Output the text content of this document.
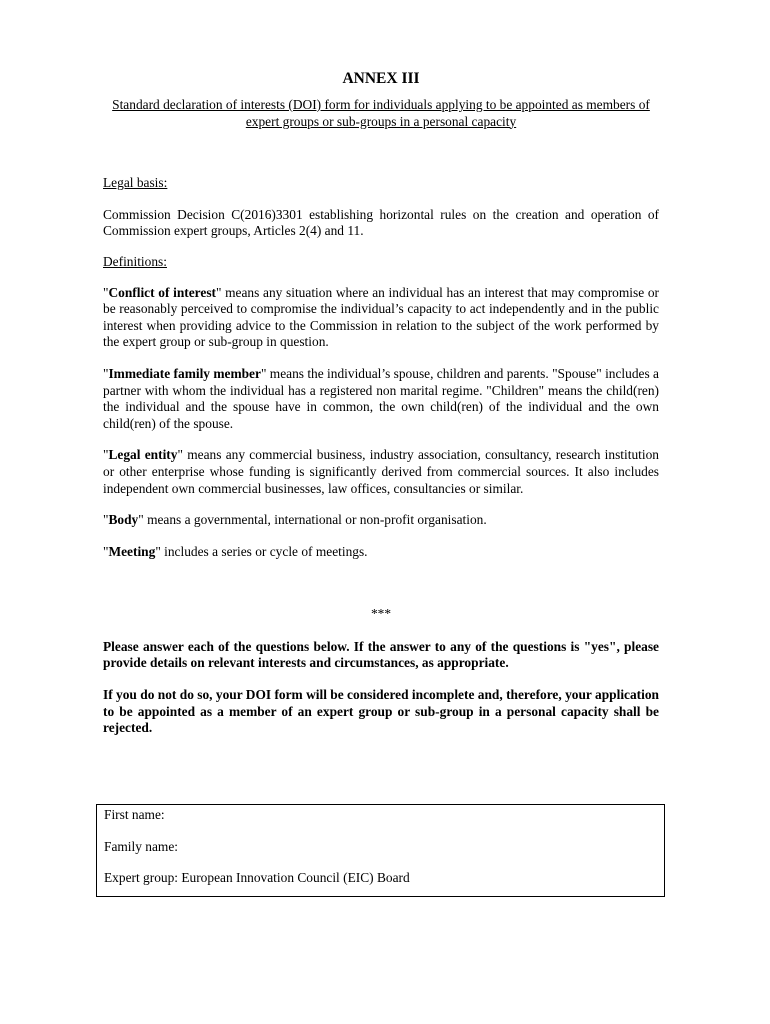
ANNEX III

Standard declaration of interests (DOI) form for individuals applying to be appointed as members of expert groups or sub-groups in a personal capacity

Legal basis:

Commission Decision C(2016)3301 establishing horizontal rules on the creation and operation of Commission expert groups, Articles 2(4) and 11.

Definitions:

"Conflict of interest" means any situation where an individual has an interest that may compromise or be reasonably perceived to compromise the individual’s capacity to act independently and in the public interest when providing advice to the Commission in relation to the subject of the work performed by the expert group or sub-group in question.

"Immediate family member" means the individual’s spouse, children and parents. "Spouse" includes a partner with whom the individual has a registered non marital regime. "Children" means the child(ren) the individual and the spouse have in common, the own child(ren) of the individual and the own child(ren) of the spouse.

"Legal entity" means any commercial business, industry association, consultancy, research institution or other enterprise whose funding is significantly derived from commercial sources. It also includes independent own commercial businesses, law offices, consultancies or similar.

"Body" means a governmental, international or non-profit organisation.

"Meeting" includes a series or cycle of meetings.

***

Please answer each of the questions below. If the answer to any of the questions is "yes", please provide details on relevant interests and circumstances, as appropriate.

If you do not do so, your DOI form will be considered incomplete and, therefore, your application to be appointed as a member of an expert group or sub-group in a personal capacity shall be rejected.

First name:

Family name:

Expert group: European Innovation Council (EIC) Board
